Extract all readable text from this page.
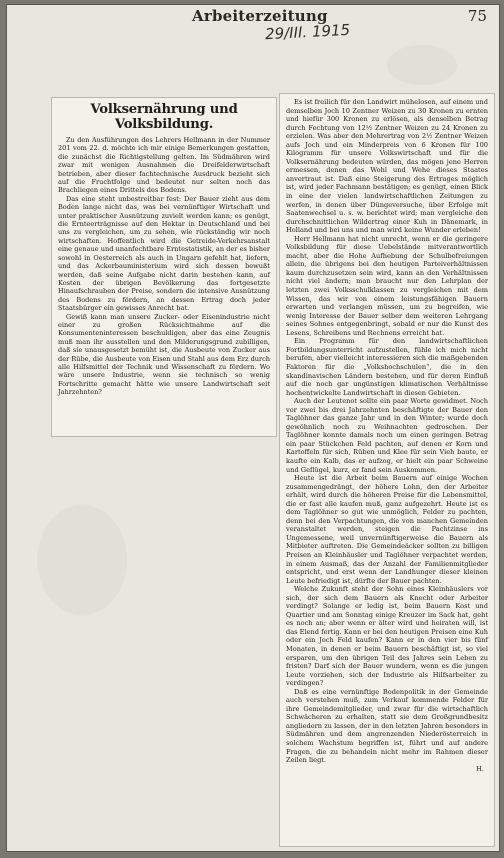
Arbeiterzeitung	75
29/III. 1915
Volksernährung und Volksbildung.

Zu den Ausführungen des Lehrers Hellmann in der Nummer 201 vom 22. d. möchte ich mir einige Bemerkungen gestatten, die zunächst die Richtigstellung gelten. Im Südmähren wird zwar mit wenigen Ausnahmen die Dreifelderwirtschaft betrieben, aber dieser fachtechnische Ausdruck bezieht sich auf die Fruchtfolge und bedeutet nur selten noch das Brachliegen eines Drittels des Bodens.

Das eine steht unbestreitbar fest: Der Bauer zieht aus dem Boden lange nicht das, was bei vernünftiger Wirtschaft und unter praktischer Ausnützung zuvielt werden kann; es genügt, die Ernteerträgnisse auf den Hektar in Deutschland und bei uns zu vergleichen, um zu sehen, wie rückständig wir noch wirtschaften. Hoffentlich wird die Getreide-Verkehrsanstalt eine genaue und unanfechtbare Erntestatistik, an der es bisher sowohl in Oesterreich als auch in Ungarn gefehlt hat, liefern, und das Ackerbauministerium wird sich dessen bewußt werden, daß seine Aufgabe nicht darin bestehen kann, auf Kosten der übrigen Bevölkerung das fortgesetzte Hinaufschrauben der Preise, sondern die intensive Ausnützung des Bodens zu fördern, an dessen Ertrag doch jeder Staatsbürger ein gewisses Anrecht hat.

Gewiß kann man unsere Zucker- oder Eisenindustrie nicht einer zu großen Rücksichtnahme auf die Konsumenteninteressen beschuldigen, aber das eine Zeugnis muß man ihr ausstellen und den Milderungsgrund zubilligen, daß sie unausgesetzt bemüht ist, die Ausbeute von Zucker aus der Rübe, die Ausbeute von Eisen und Stahl aus dem Erz durch alle Hilfsmittel der Technik und Wissenschaft zu fördern. Wo wäre unsere Industrie, wenn sie technisch so wenig Fortschritte gemacht hätte wie unsere Landwirtschaft seit Jahrzehnten?

Es ist freilich für den Landwirt mühelosen, auf einem und demselben Joch 10 Zentner Weizen zu 30 Kronen zu ernten und hiefür 300 Kronen zu erlösen, als denselben Betrag durch Fechtung von 12½ Zentner Weizen zu 24 Kronen zu erzielen. Was aber den Mehrertrag von 2½ Zentner Weizen aufs Joch und ein Minderpreis von 6 Kronen für 100 Kilogramm für unsere Volkswirtschaft und für die Volksernährung bedeuten würden, das mögen jene Herren ermessen, denen das Wohl und Wehe dieses Staates anvertraut ist. Daß eine Steigerung des Ertrages möglich ist, wird jeder Fachmann bestätigen; es genügt, einen Blick in eine der vielen landwirtschaftlichen Zeitungen zu werfen, in denen über Düngeversuche, über Erfolge mit Saatenwechsel u. s. w. berichtet wird; man vergleiche den durchschnittlichen Wildertrag einer Kuh in Dänemark, in Holland und bei uns und man wird keine Wunder erleben!

Herr Hellmann hat nicht unrecht, wenn er die geringere Volksbildung für diese Uebelstände mitverantwortlich macht, aber die Hohe Aufhebung der Schulbefreiungen allein, die übrigens bei den heutigen Parteiverhältnissen kaum durchzusetzen sein wird, kann an den Verhältnissen nicht viel ändern; man braucht nur den Lehrplan der letzten zwei Volksschulklassen zu vergleichen mit dem Wissen, das wir von einem leistungsfähigen Bauern erwarten und verlangen müssen, um zu begreifen, wie wenig Interesse der Bauer selber dem weiteren Lehrgang seines Sohnes entgegenbringt, sobald er nur die Kunst des Lesens, Schreibens und Rechnens erreicht hat.

Ein Programm für den landwirtschaftlichen Fortbildungsunterricht aufzustellen, fühle ich mich nicht berufen, aber vielleicht interessieren sich die maßgebenden Faktoren für die „Volkshochschulen“, die in den skandinavischen Ländern bestehen, und für deren Einfluß auf die noch gar ungünstigen klimatischen Verhältnisse hochentwickelte Landwirtschaft in diesen Gebieten.

Auch der Leutenot sollte ein paar Worte gewidmet. Noch vor zwei bis drei Jahrzehnten beschäftigte der Bauer den Taglöhner das ganze Jahr und in den Winter; wurde doch gewöhnlich noch zu Weihnachten gedroschen. Der Taglöhner konnte damals noch um einen geringen Betrag ein paar Stückchen Feld pachten, auf denen er Korn und Kartoffeln für sich, Rüben und Klee für sein Vieh baute, er kaufte ein Kalb, das er aufzog, er hielt ein paar Schweine und Geflügel, kurz, er fand sein Auskommen.

Heute ist die Arbeit beim Bauern auf einige Wochen zusammengedrängt, der höhere Lohn, den der Arbeiter erhält, wird durch die höheren Preise für die Lebensmittel, die er fast alle kaufen muß, ganz aufgezehrt. Heute ist es dem Taglöhner so gut wie unmöglich, Felder zu pachten, denn bei den Verpachtungen, die von manchen Gemeinden veranstaltet werden, steigen die Pachtzinse ins Ungemessene, weil unvernünftigerweise die Bauern als Mitbieter auftreten. Die Gemeindeäcker sollten zu billigen Preisen an Kleinhäusler und Taglöhner verpachtet werden, in einem Ausmaß, das der Anzahl der Familienmitglieder entspricht, und erst wenn der Landhunger dieser kleinen Leute befriedigt ist, dürfte der Bauer pachten.

Welche Zukunft steht der Sohn eines Kleinhäuslers vor sich, der sich dem Bauern als Knecht oder Arbeiter verdingt? Solange er ledig ist, beim Bauern Kost und Quartier und am Sonntag einige Kreuzer im Sack hat, geht es noch an; aber wenn er älter wird und heiraten will, ist das Elend fertig. Kann er bei den heutigen Preisen eine Kuh oder ein Joch Feld kaufen? Kann er in den vier bis fünf Monaten, in denen er beim Bauern beschäftigt ist, so viel ersparen, um den übrigen Teil des Jahres sein Leben zu fristen? Darf sich der Bauer wundern, wenn es die jungen Leute vorziehen, sich der Industrie als Hilfsarbeiter zu verdingen?

Daß es eine vernünftige Bodenpolitik in der Gemeinde auch verstehen muß, zum Verkauf kommende Felder für ihre Gemeindemitglieder, und zwar für die wirtschaftlich Schwächeren zu erhalten, statt sie dem Großgrundbesitz angliedern zu lassen, der in den letzten Jahren besonders in Südmähren und dem angrenzenden Niederösterreich in solchem Wachstum begriffen ist, führt und auf andere Fragen, die zu behandeln nicht mehr im Rahmen dieser Zeilen liegt.

H.
